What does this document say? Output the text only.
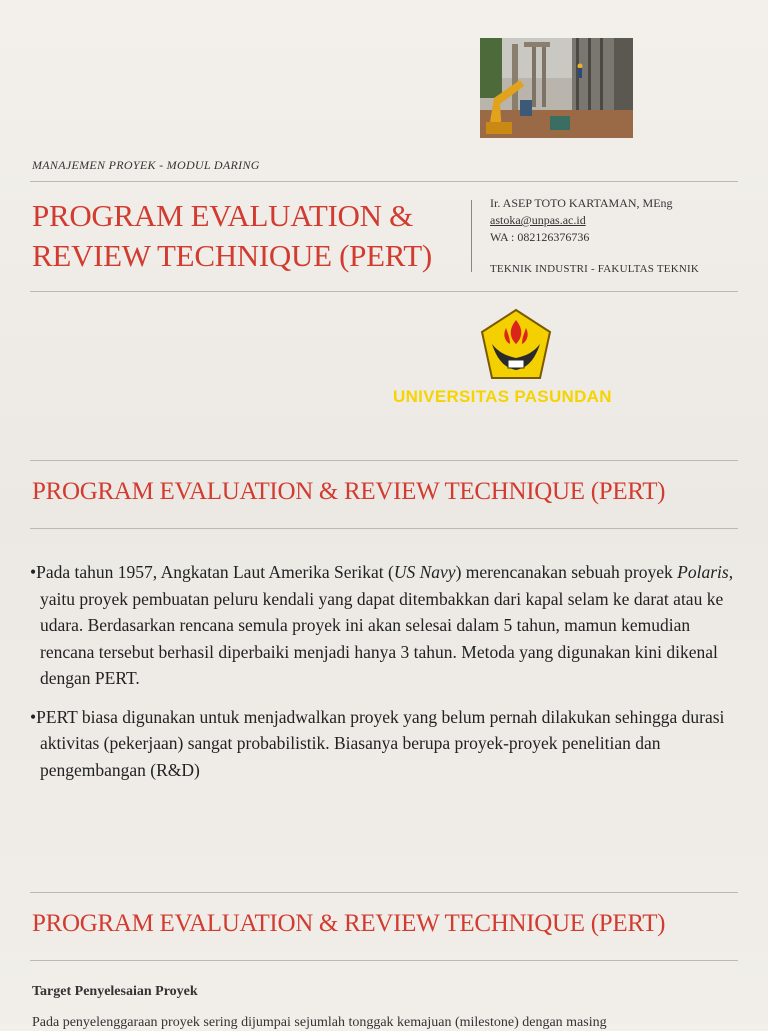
MANAJEMEN PROYEK - MODUL DARING
PROGRAM EVALUATION &
REVIEW TECHNIQUE (PERT)
Ir. ASEP TOTO KARTAMAN, MEng
astoka@unpas.ac.id
WA : 082126376736
TEKNIK INDUSTRI - FAKULTAS TEKNIK
UNIVERSITAS PASUNDAN
PROGRAM EVALUATION & REVIEW TECHNIQUE (PERT)
• Pada tahun 1957, Angkatan Laut Amerika Serikat (US Navy) merencanakan sebuah proyek Polaris, yaitu proyek pembuatan peluru kendali yang dapat ditembakkan dari kapal selam ke darat atau ke udara. Berdasarkan rencana semula proyek ini akan selesai dalam 5 tahun, mamun kemudian rencana tersebut berhasil diperbaiki menjadi hanya 3 tahun. Metoda yang digunakan kini dikenal dengan PERT.
• PERT biasa digunakan untuk menjadwalkan proyek yang belum pernah dilakukan sehingga durasi aktivitas (pekerjaan) sangat probabilistik. Biasanya berupa proyek-proyek penelitian dan pengembangan (R&D)
PROGRAM EVALUATION & REVIEW TECHNIQUE (PERT)
Target Penyelesaian Proyek
Pada penyelenggaraan proyek sering dijumpai sejumlah tonggak kemajuan (milestone) dengan masing
